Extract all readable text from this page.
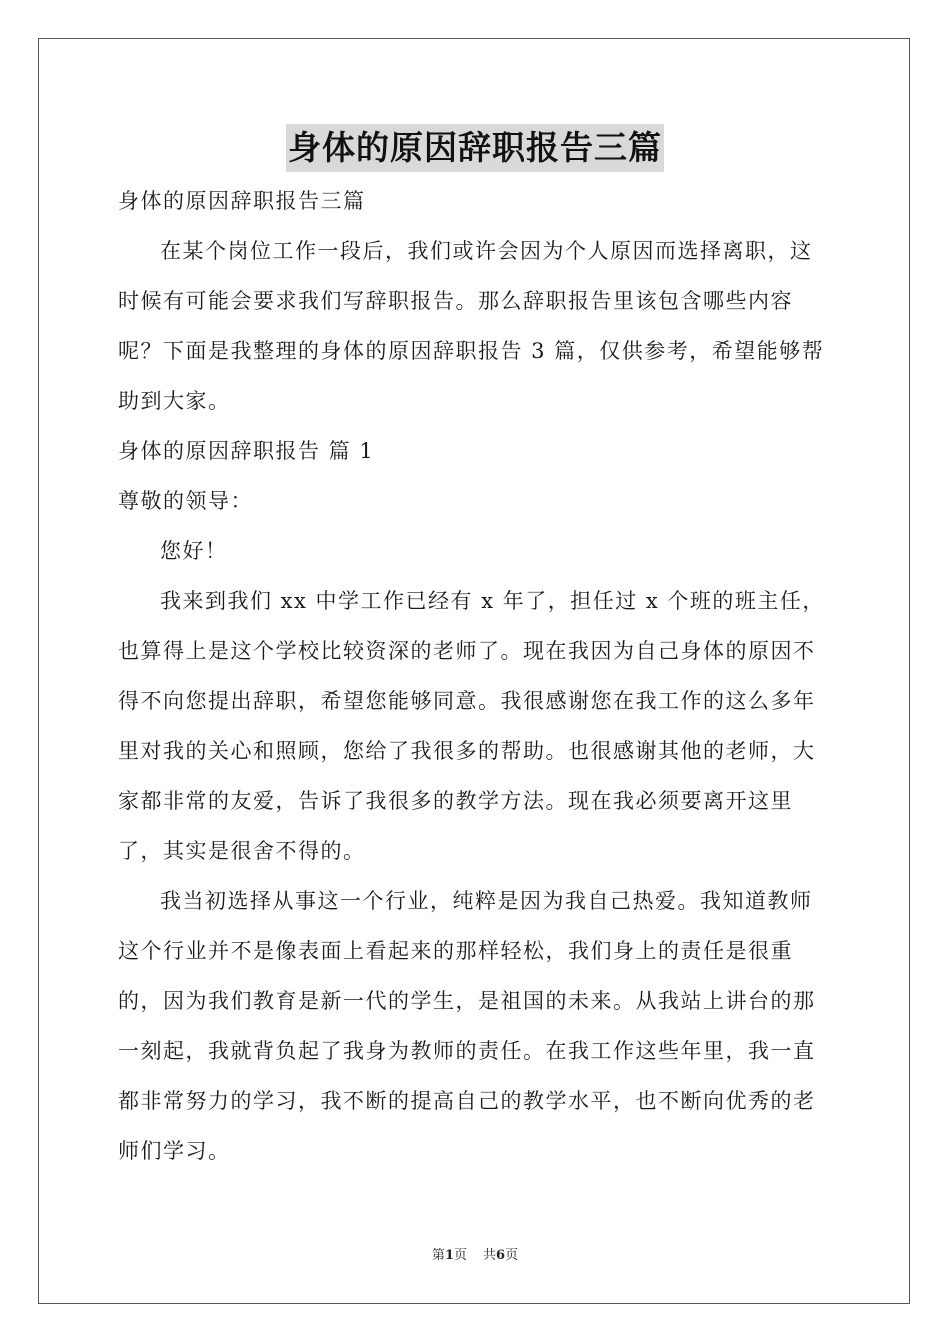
身体的原因辞职报告三篇

身体的原因辞职报告三篇

在某个岗位工作一段后，我们或许会因为个人原因而选择离职，这时候有可能会要求我们写辞职报告。那么辞职报告里该包含哪些内容呢？下面是我整理的身体的原因辞职报告 3 篇，仅供参考，希望能够帮助到大家。

身体的原因辞职报告 篇 1

尊敬的领导：

您好！

我来到我们 xx 中学工作已经有 x 年了，担任过 x 个班的班主任，也算得上是这个学校比较资深的老师了。现在我因为自己身体的原因不得不向您提出辞职，希望您能够同意。我很感谢您在我工作的这么多年里对我的关心和照顾，您给了我很多的帮助。也很感谢其他的老师，大家都非常的友爱，告诉了我很多的教学方法。现在我必须要离开这里了，其实是很舍不得的。

我当初选择从事这一个行业，纯粹是因为我自己热爱。我知道教师这个行业并不是像表面上看起来的那样轻松，我们身上的责任是很重的，因为我们教育是新一代的学生，是祖国的未来。从我站上讲台的那一刻起，我就背负起了我身为教师的责任。在我工作这些年里，我一直都非常努力的学习，我不断的提高自己的教学水平，也不断向优秀的老师们学习。

第1页 共6页
